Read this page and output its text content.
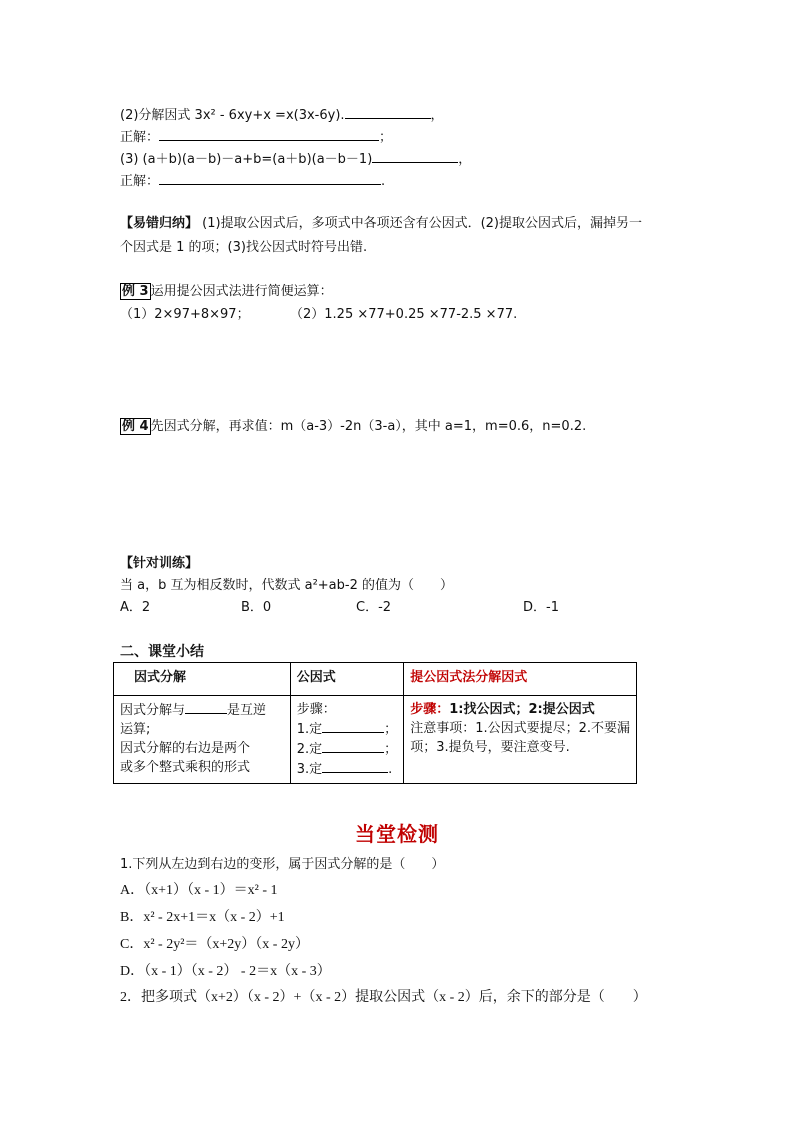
(2)分解因式 3x² - 6xy+x =x(3x-6y).	，
正解：	；
(3) (a＋b)(a－b)－a+b=(a＋b)(a－b－1)	，
正解：	.
【易错归纳】 (1)提取公因式后，多项式中各项还含有公因式．(2)提取公因式后，漏掉另一
个因式是 1 的项；(3)找公因式时符号出错.
例 3 运用提公因式法进行简便运算：
（1）2×97+8×97；	（2）1.25 ×77+0.25 ×77-2.5 ×77.
例 4 先因式分解，再求值：m（a-3）-2n（3-a），其中 a=1，m=0.6，n=0.2.
【针对训练】
当 a，b 互为相反数时，代数式 a²+ab-2 的值为（　　）
A．2	B．0	C．-2	D．-1
二、课堂小结
因式分解	公因式	提公因式法分解因式

因式分解与 是互逆
运算;
因式分解的右边是两个
或多个整式乘积的形式	步骤：
1.定 ；
2.定 ；
3.定 .	步骤：1:找公因式；2:提公因式
注意事项：1.公因式要提尽；2.不要漏
项；3.提负号，要注意变号.
当堂检测
1.下列从左边到右边的变形，属于因式分解的是（　　）
A．（x+1）（x - 1）＝x² - 1
B．x² - 2x+1＝x（x - 2）+1
C．x² - 2y²＝（x+2y）（x - 2y）
D．（x - 1）（x - 2） - 2＝x（x - 3）
2．把多项式（x+2）（x - 2）+（x - 2）提取公因式（x - 2）后，余下的部分是（　　）
